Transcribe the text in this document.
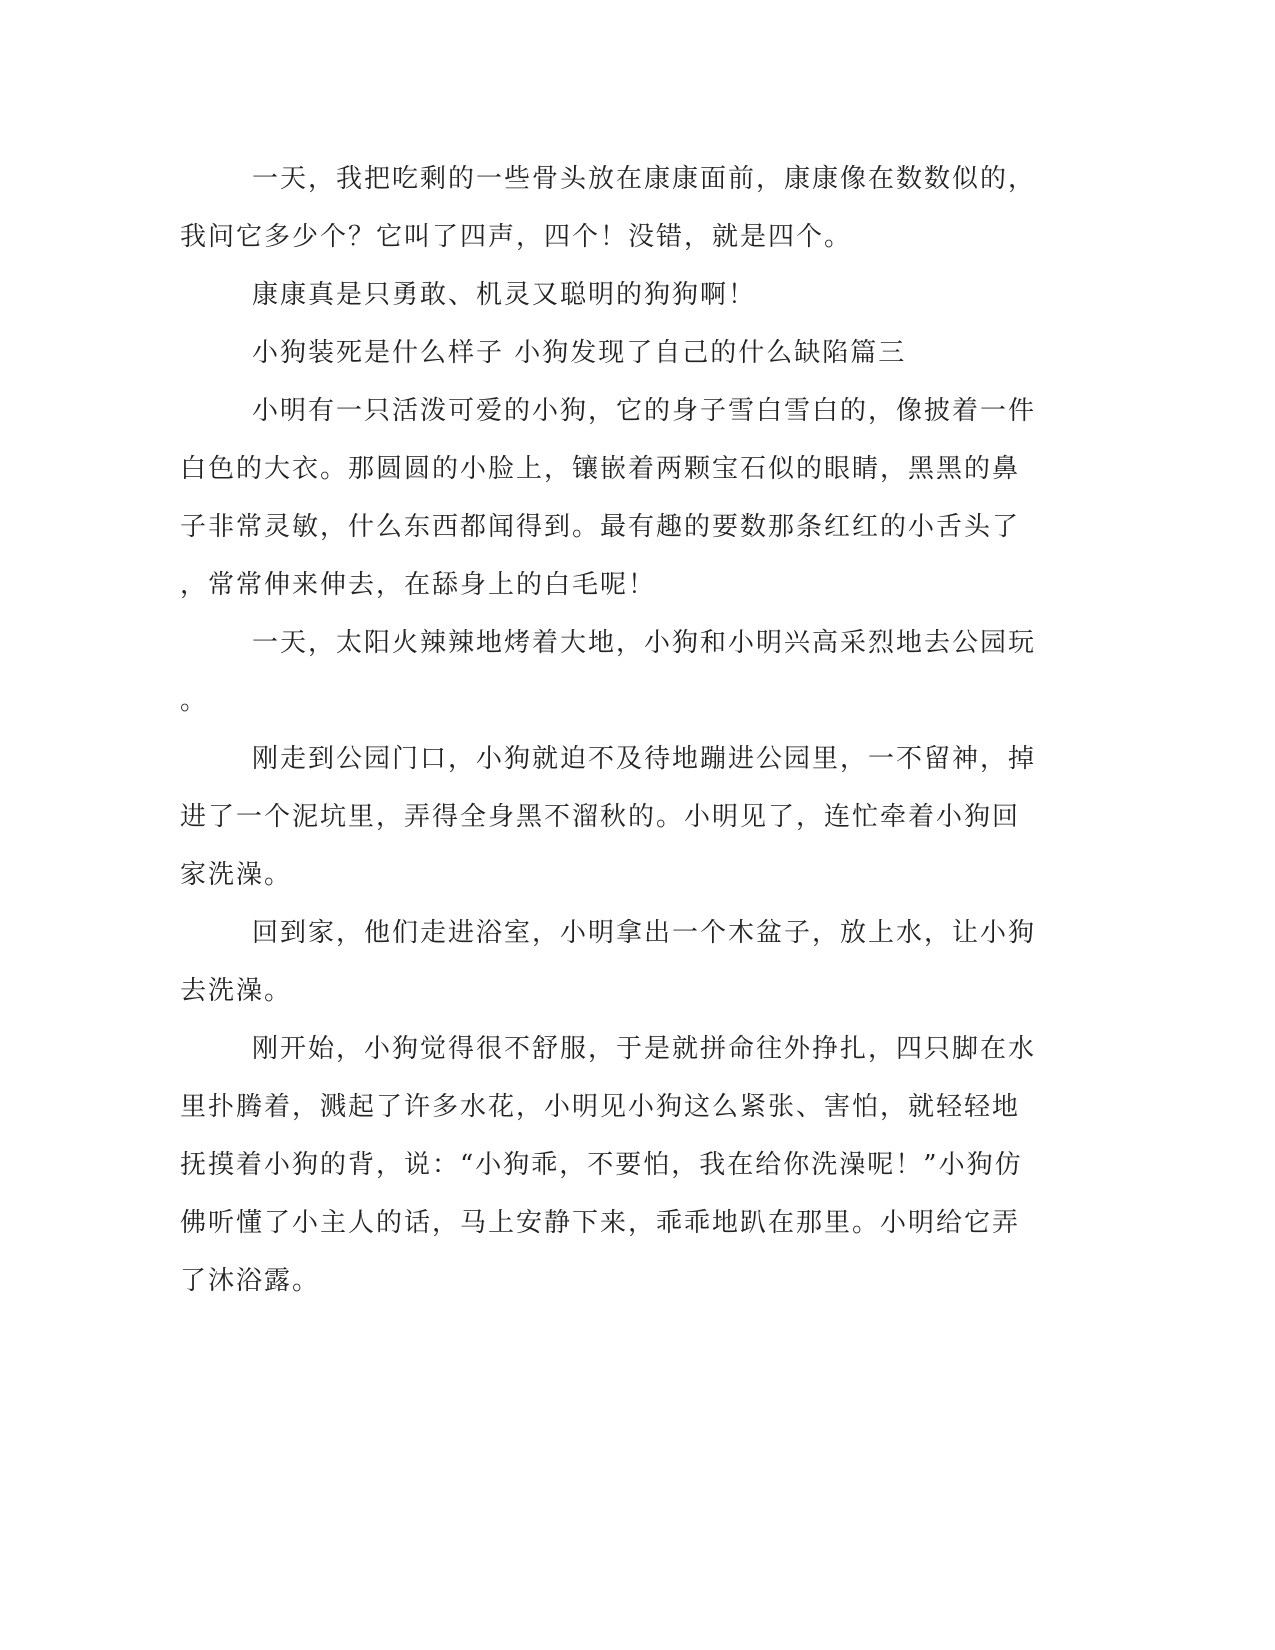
一天，我把吃剩的一些骨头放在康康面前，康康像在数数似的，
我问它多少个？它叫了四声，四个！没错，就是四个。
康康真是只勇敢、机灵又聪明的狗狗啊！
小狗装死是什么样子 小狗发现了自己的什么缺陷篇三
小明有一只活泼可爱的小狗，它的身子雪白雪白的，像披着一件
白色的大衣。那圆圆的小脸上，镶嵌着两颗宝石似的眼睛，黑黑的鼻
子非常灵敏，什么东西都闻得到。最有趣的要数那条红红的小舌头了
，常常伸来伸去，在舔身上的白毛呢！
一天，太阳火辣辣地烤着大地，小狗和小明兴高采烈地去公园玩
。
刚走到公园门口，小狗就迫不及待地蹦进公园里，一不留神，掉
进了一个泥坑里，弄得全身黑不溜秋的。小明见了，连忙牵着小狗回
家洗澡。
回到家，他们走进浴室，小明拿出一个木盆子，放上水，让小狗
去洗澡。
刚开始，小狗觉得很不舒服，于是就拼命往外挣扎，四只脚在水
里扑腾着，溅起了许多水花，小明见小狗这么紧张、害怕，就轻轻地
抚摸着小狗的背，说：“小狗乖，不要怕，我在给你洗澡呢！”小狗仿
佛听懂了小主人的话，马上安静下来，乖乖地趴在那里。小明给它弄
了沐浴露。
